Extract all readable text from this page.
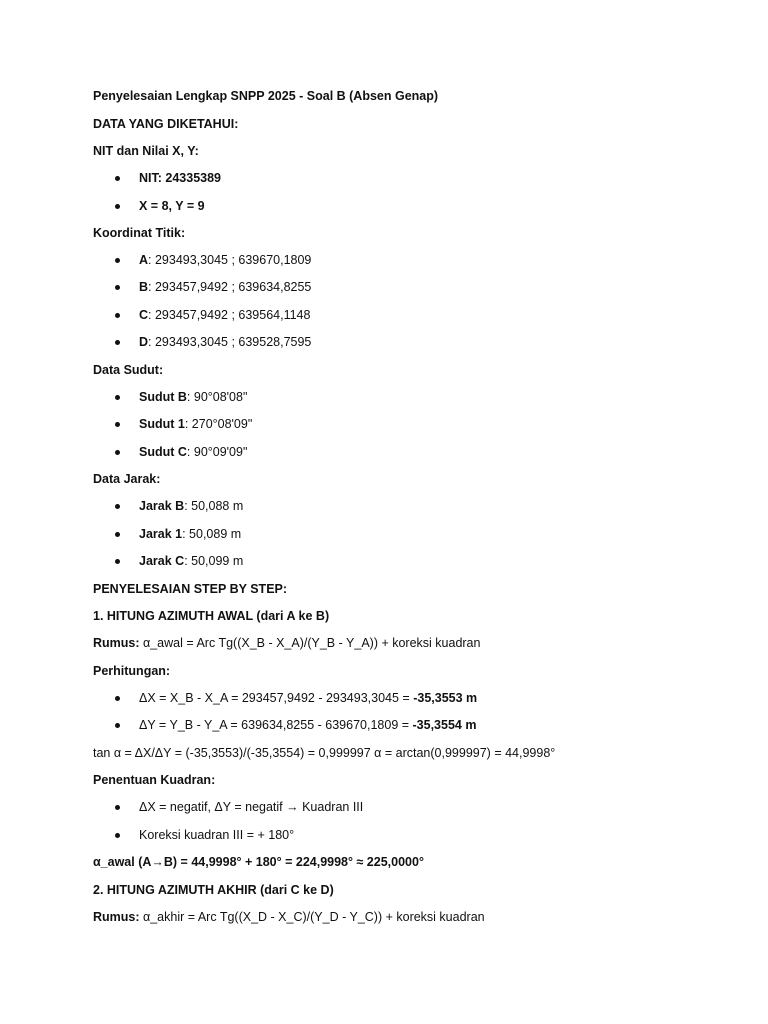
Penyelesaian Lengkap SNPP 2025 - Soal B (Absen Genap)
DATA YANG DIKETAHUI:
NIT dan Nilai X, Y:
NIT: 24335389
X = 8, Y = 9
Koordinat Titik:
A: 293493,3045 ; 639670,1809
B: 293457,9492 ; 639634,8255
C: 293457,9492 ; 639564,1148
D: 293493,3045 ; 639528,7595
Data Sudut:
Sudut B: 90°08'08"
Sudut 1: 270°08'09"
Sudut C: 90°09'09"
Data Jarak:
Jarak B: 50,088 m
Jarak 1: 50,089 m
Jarak C: 50,099 m
PENYELESAIAN STEP BY STEP:
1. HITUNG AZIMUTH AWAL (dari A ke B)
Rumus: α_awal = Arc Tg((X_B - X_A)/(Y_B - Y_A)) + koreksi kuadran
Perhitungan:
ΔX = X_B - X_A = 293457,9492 - 293493,3045 = -35,3553 m
ΔY = Y_B - Y_A = 639634,8255 - 639670,1809 = -35,3554 m
tan α = ΔX/ΔY = (-35,3553)/(-35,3554) = 0,999997 α = arctan(0,999997) = 44,9998°
Penentuan Kuadran:
ΔX = negatif, ΔY = negatif → Kuadran III
Koreksi kuadran III = + 180°
α_awal (A→B) = 44,9998° + 180° = 224,9998° ≈ 225,0000°
2. HITUNG AZIMUTH AKHIR (dari C ke D)
Rumus: α_akhir = Arc Tg((X_D - X_C)/(Y_D - Y_C)) + koreksi kuadran
